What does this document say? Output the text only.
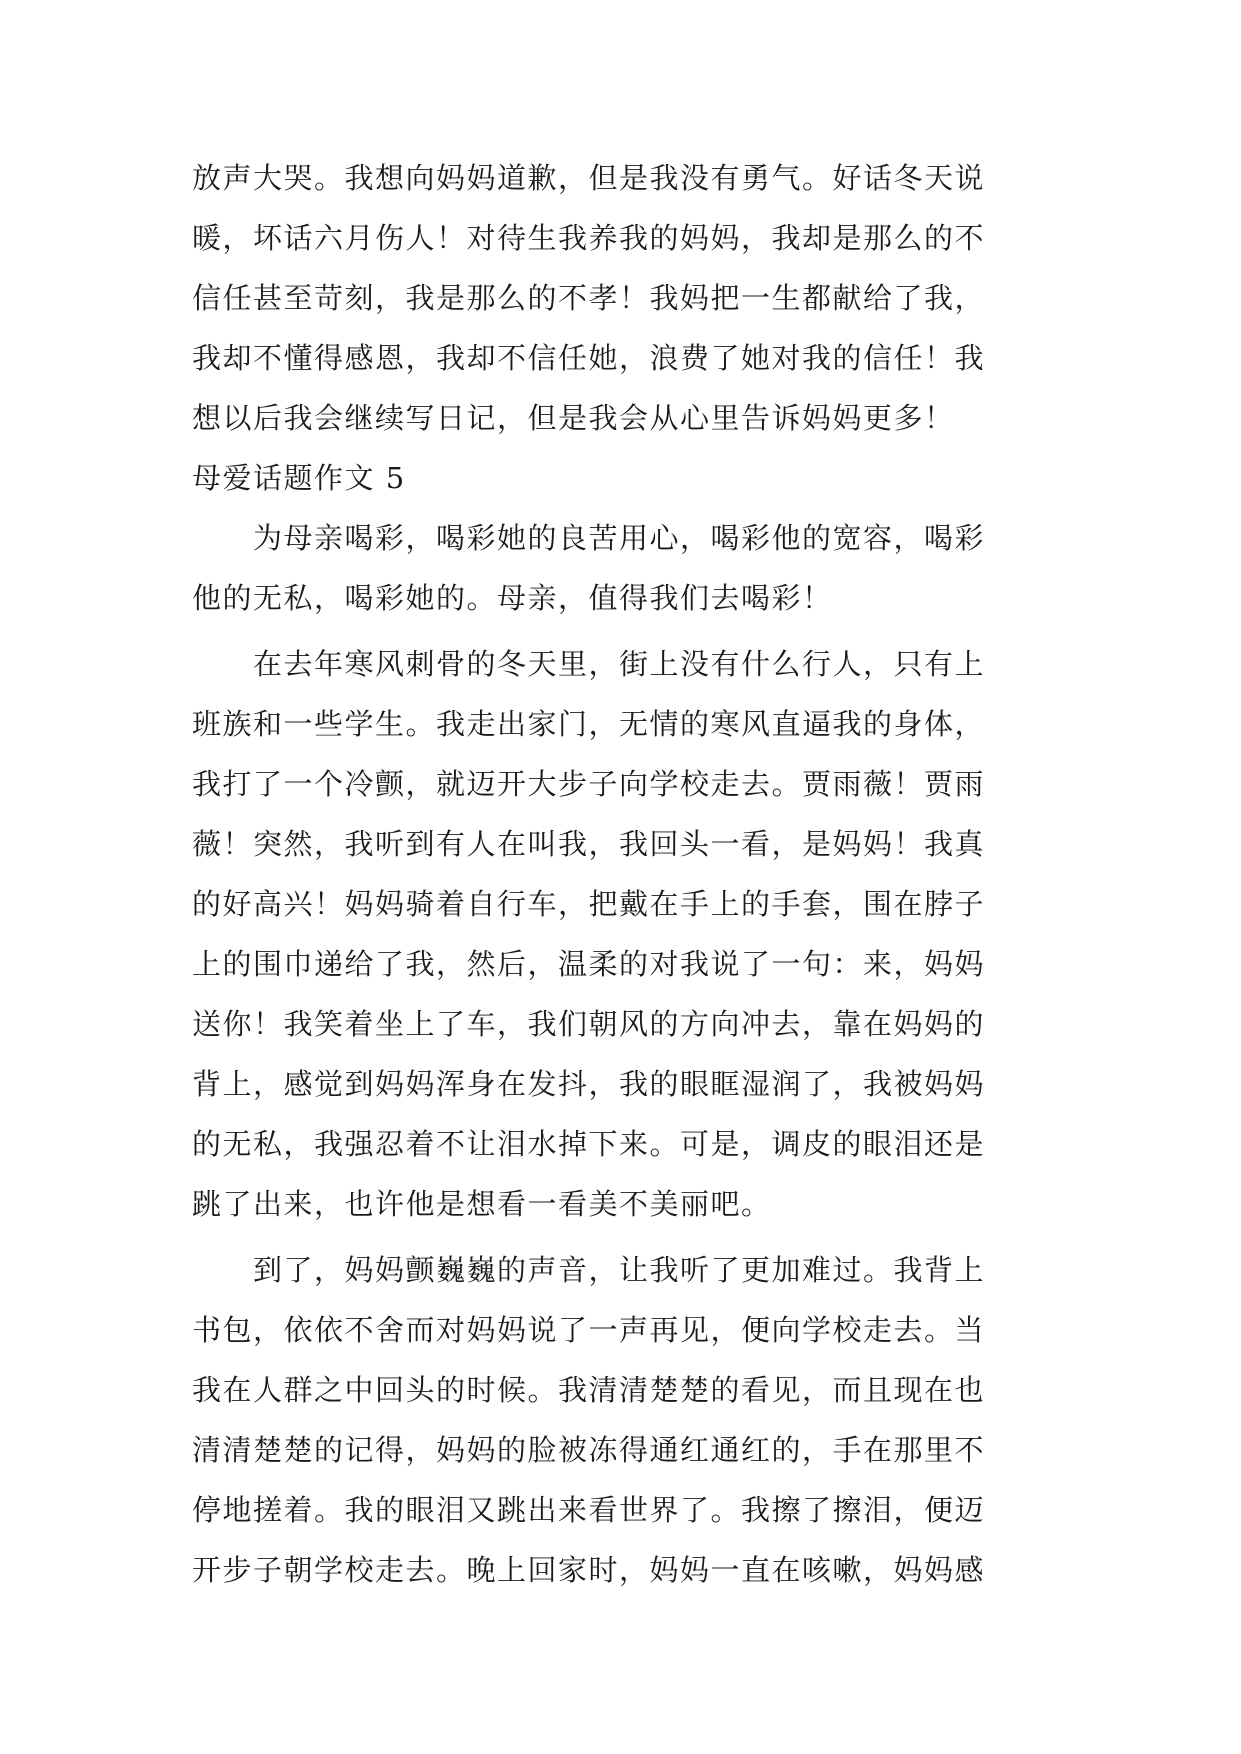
放声大哭。我想向妈妈道歉，但是我没有勇气。好话冬天说
暖，坏话六月伤人！对待生我养我的妈妈，我却是那么的不
信任甚至苛刻，我是那么的不孝！我妈把一生都献给了我，
我却不懂得感恩，我却不信任她，浪费了她对我的信任！我
想以后我会继续写日记，但是我会从心里告诉妈妈更多！
母爱话题作文 5
　　为母亲喝彩，喝彩她的良苦用心，喝彩他的宽容，喝彩
他的无私，喝彩她的。母亲，值得我们去喝彩！
　　在去年寒风刺骨的冬天里，街上没有什么行人，只有上
班族和一些学生。我走出家门，无情的寒风直逼我的身体，
我打了一个冷颤，就迈开大步子向学校走去。贾雨薇！贾雨
薇！突然，我听到有人在叫我，我回头一看，是妈妈！我真
的好高兴！妈妈骑着自行车，把戴在手上的手套，围在脖子
上的围巾递给了我，然后，温柔的对我说了一句：来，妈妈
送你！我笑着坐上了车，我们朝风的方向冲去，靠在妈妈的
背上，感觉到妈妈浑身在发抖，我的眼眶湿润了，我被妈妈
的无私，我强忍着不让泪水掉下来。可是，调皮的眼泪还是
跳了出来，也许他是想看一看美不美丽吧。
　　到了，妈妈颤巍巍的声音，让我听了更加难过。我背上
书包，依依不舍而对妈妈说了一声再见，便向学校走去。当
我在人群之中回头的时候。我清清楚楚的看见，而且现在也
清清楚楚的记得，妈妈的脸被冻得通红通红的，手在那里不
停地搓着。我的眼泪又跳出来看世界了。我擦了擦泪，便迈
开步子朝学校走去。晚上回家时，妈妈一直在咳嗽，妈妈感
